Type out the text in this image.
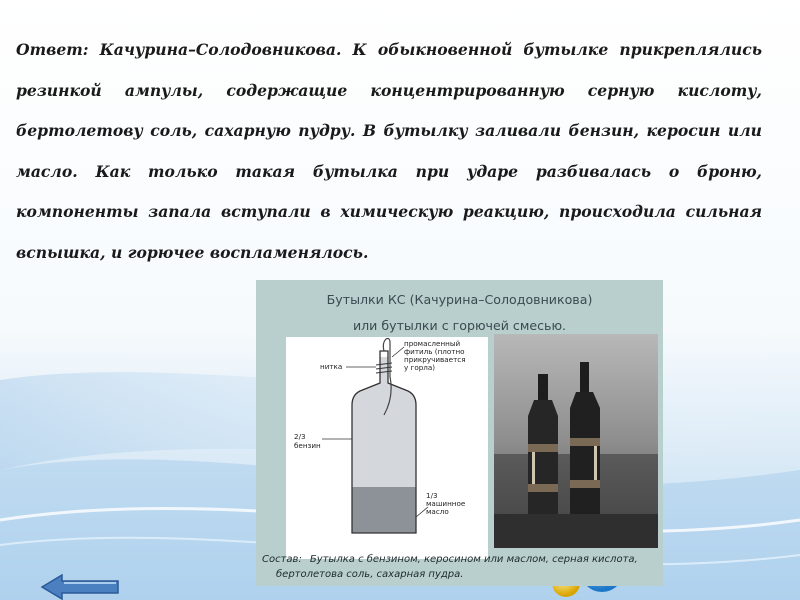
Ответ: Качурина–Солодовникова. К обыкновенной бутылке прикреплялись резинкой ампулы, содержащие концентрированную серную кислоту, бертолетову соль, сахарную пудру. В бутылку заливали бензин, керосин или масло. Как только такая бутылка при ударе разбивалась о броню, компоненты запала вступали в химическую реакцию, происходила сильная вспышка, и горючее воспламенялось.

Бутылки КС (Качурина–Солодовникова)
или бутылки с горючей смесью.
нитка
промасленный
фитиль (плотно
прикручивается
у горла)
2/3
бензин
1/3
машинное
масло
Состав: Бутылка с бензином, керосином или маслом, серная кислота,
бертолетова соль, сахарная пудра.
